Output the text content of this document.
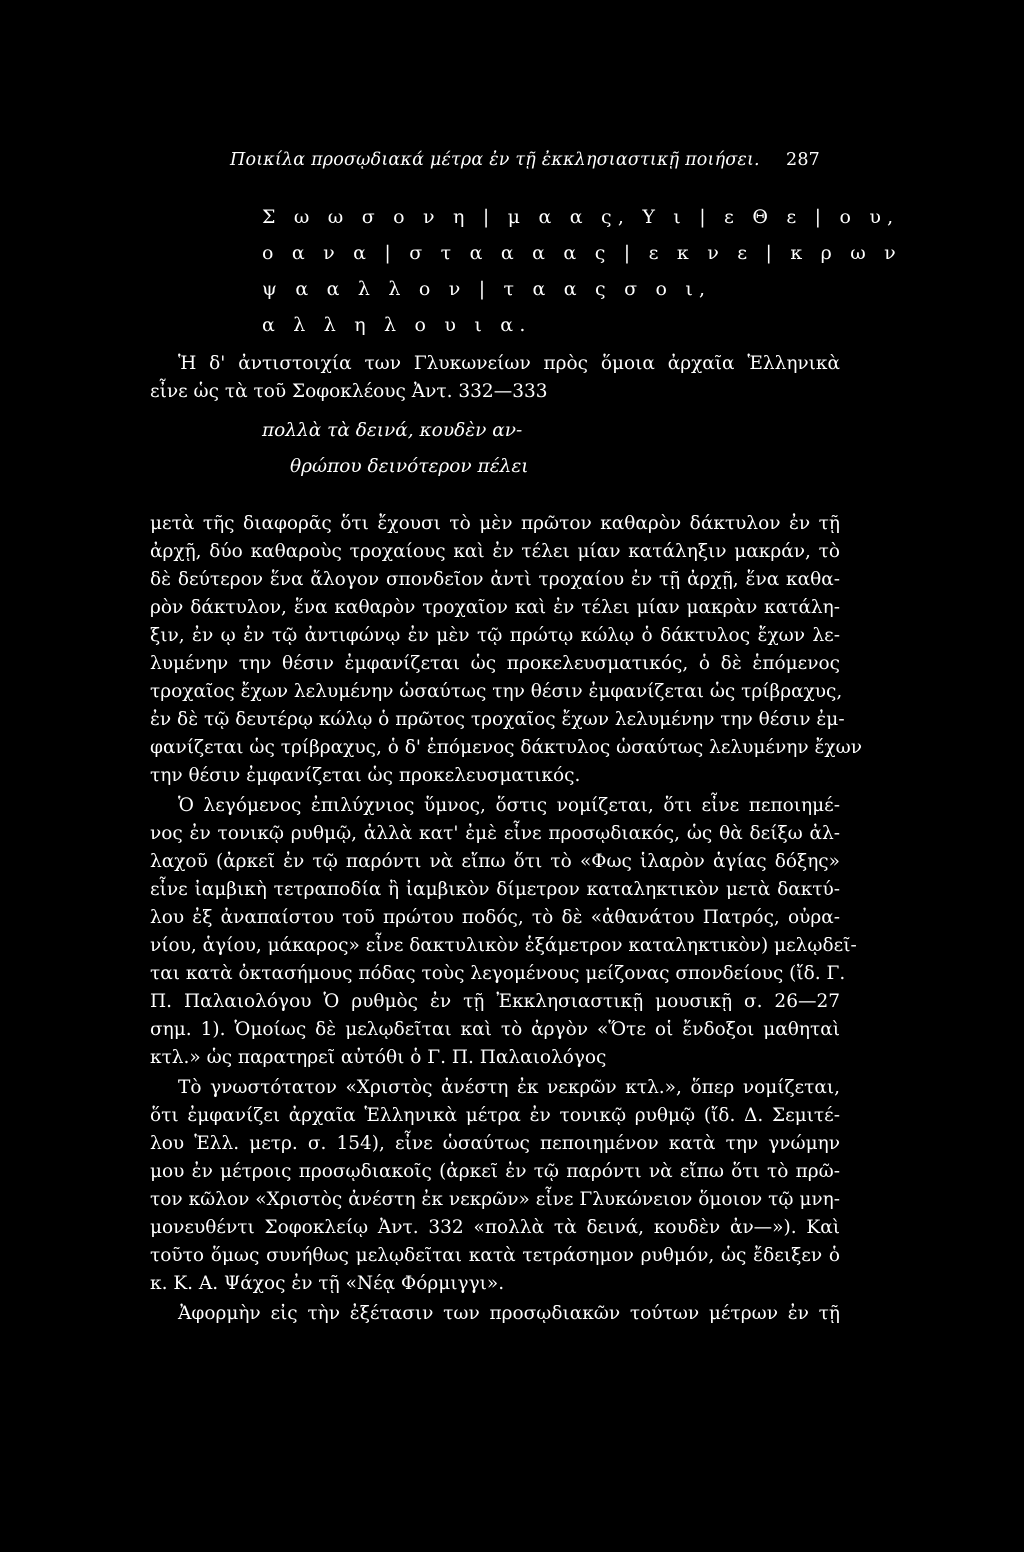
Ποικίλα προσῳδιακά μέτρα ἐν τῇ ἐκκλησιαστικῇ ποιήσει. 287
Σ ω ω σ ο ν η | μ α α ς, Υ ι | ε Θ ε | ο υ,
ο α ν α | σ τ α α α α ς | ε κ ν ε | κ ρ ω ν
ψ α α λ λ ο ν | τ α α ς σ ο ι,
α λ λ η λ ο υ ι α.
Ἡ δ' ἀντιστοιχία των Γλυκωνείων πρὸς ὅμοια ἀρχαῖα Ἑλληνικὰ
εἶνε ὡς τὰ τοῦ Σοφοκλέους Ἀντ. 332—333
πολλὰ τὰ δεινά, κουδὲν αν-
θρώπου δεινότερον πέλει
μετὰ τῆς διαφορᾶς ὅτι ἔχουσι τὸ μὲν πρῶτον καθαρὸν δάκτυλον ἐν τῇ
ἀρχῇ, δύο καθαροὺς τροχαίους καὶ ἐν τέλει μίαν κατάληξιν μακράν, τὸ
δὲ δεύτερον ἕνα ἄλογον σπονδεῖον ἀντὶ τροχαίου ἐν τῇ ἀρχῇ, ἕνα καθα-
ρὸν δάκτυλον, ἕνα καθαρὸν τροχαῖον καὶ ἐν τέλει μίαν μακρὰν κατάλη-
ξιν, ἐν ῳ ἐν τῷ ἀντιφώνῳ ἐν μὲν τῷ πρώτῳ κώλῳ ὁ δάκτυλος ἔχων λε-
λυμένην την θέσιν ἐμφανίζεται ὡς προκελευσματικός, ὁ δὲ ἑπόμενος
τροχαῖος ἔχων λελυμένην ὡσαύτως την θέσιν ἐμφανίζεται ὡς τρίβραχυς,
ἐν δὲ τῷ δευτέρῳ κώλῳ ὁ πρῶτος τροχαῖος ἔχων λελυμένην την θέσιν ἐμ-
φανίζεται ὡς τρίβραχυς, ὁ δ' ἑπόμενος δάκτυλος ὡσαύτως λελυμένην ἔχων
την θέσιν ἐμφανίζεται ὡς προκελευσματικός.
Ὁ λεγόμενος ἐπιλύχνιος ὕμνος, ὅστις νομίζεται, ὅτι εἶνε πεποιημέ-
νος ἐν τονικῷ ρυθμῷ, ἀλλὰ κατ' ἐμὲ εἶνε προσῳδιακός, ὡς θὰ δείξω ἀλ-
λαχοῦ (ἀρκεῖ ἐν τῷ παρόντι νὰ εἴπω ὅτι τὸ «Φως ἱλαρὸν ἁγίας δόξης»
εἶνε ἰαμβικὴ τετραποδία ἢ ἰαμβικὸν δίμετρον καταληκτικὸν μετὰ δακτύ-
λου ἐξ ἀναπαίστου τοῦ πρώτου ποδός, τὸ δὲ «ἀθανάτου Πατρός, οὐρα-
νίου, ἁγίου, μάκαρος» εἶνε δακτυλικὸν ἑξάμετρον καταληκτικὸν) μελῳδεῖ-
ται κατὰ ὀκτασήμους πόδας τοὺς λεγομένους μείζονας σπονδείους (ἴδ. Γ.
Π. Παλαιολόγου Ὁ ρυθμὸς ἐν τῇ Ἐκκλησιαστικῇ μουσικῇ σ. 26—27
σημ. 1). Ὁμοίως δὲ μελῳδεῖται καὶ τὸ ἀργὸν «Ὅτε οἱ ἔνδοξοι μαθηταὶ
κτλ.» ὡς παρατηρεῖ αὐτόθι ὁ Γ. Π. Παλαιολόγος
Τὸ γνωστότατον «Χριστὸς ἀνέστη ἐκ νεκρῶν κτλ.», ὅπερ νομίζεται,
ὅτι ἐμφανίζει ἀρχαῖα Ἑλληνικὰ μέτρα ἐν τονικῷ ρυθμῷ (ἴδ. Δ. Σεμιτέ-
λου Ἑλλ. μετρ. σ. 154), εἶνε ὡσαύτως πεποιημένον κατὰ την γνώμην
μου ἐν μέτροις προσῳδιακοῖς (ἀρκεῖ ἐν τῷ παρόντι νὰ εἴπω ὅτι τὸ πρῶ-
τον κῶλον «Χριστὸς ἀνέστη ἐκ νεκρῶν» εἶνε Γλυκώνειον ὅμοιον τῷ μνη-
μονευθέντι Σοφοκλείῳ Ἀντ. 332 «πολλὰ τὰ δεινά, κουδὲν ἀν—»). Καὶ
τοῦτο ὅμως συνήθως μελῳδεῖται κατὰ τετράσημον ρυθμόν, ὡς ἔδειξεν ὁ
κ. Κ. Α. Ψάχος ἐν τῇ «Νέᾳ Φόρμιγγι».
Ἀφορμὴν εἰς τὴν ἐξέτασιν των προσῳδιακῶν τούτων μέτρων ἐν τῇ
